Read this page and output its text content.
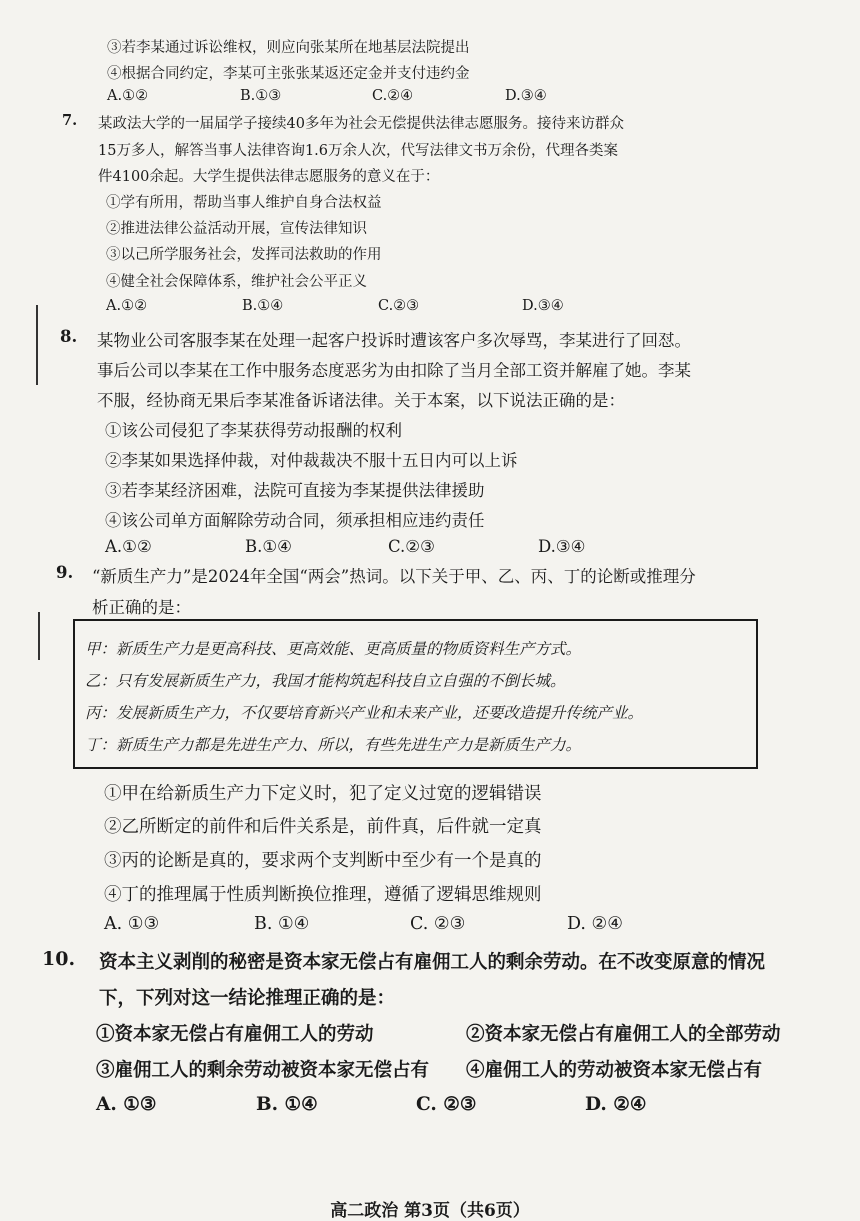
③若李某通过诉讼维权，则应向张某所在地基层法院提出
④根据合同约定，李某可主张张某返还定金并支付违约金
A.①②	B.①③	C.②④	D.③④
7. 某政法大学的一届届学子接续40多年为社会无偿提供法律志愿服务。接待来访群众
15万多人，解答当事人法律咨询1.6万余人次，代写法律文书万余份，代理各类案
件4100余起。大学生提供法律志愿服务的意义在于：
①学有所用，帮助当事人维护自身合法权益
②推进法律公益活动开展，宣传法律知识
③以己所学服务社会，发挥司法救助的作用
④健全社会保障体系，维护社会公平正义
A.①②	B.①④	C.②③	D.③④
8. 某物业公司客服李某在处理一起客户投诉时遭该客户多次辱骂，李某进行了回怼。
事后公司以李某在工作中服务态度恶劣为由扣除了当月全部工资并解雇了她。李某
不服，经协商无果后李某准备诉诸法律。关于本案，以下说法正确的是：
①该公司侵犯了李某获得劳动报酬的权利
②李某如果选择仲裁，对仲裁裁决不服十五日内可以上诉
③若李某经济困难，法院可直接为李某提供法律援助
④该公司单方面解除劳动合同，须承担相应违约责任
A.①②	B.①④	C.②③	D.③④
9. “新质生产力”是2024年全国“两会”热词。以下关于甲、乙、丙、丁的论断或推理分
析正确的是：
甲：新质生产力是更高科技、更高效能、更高质量的物质资料生产方式。
乙：只有发展新质生产力，我国才能构筑起科技自立自强的不倒长城。
丙：发展新质生产力，不仅要培育新兴产业和未来产业，还要改造提升传统产业。
丁：新质生产力都是先进生产力、所以，有些先进生产力是新质生产力。
①甲在给新质生产力下定义时，犯了定义过宽的逻辑错误
②乙所断定的前件和后件关系是，前件真，后件就一定真
③丙的论断是真的，要求两个支判断中至少有一个是真的
④丁的推理属于性质判断换位推理，遵循了逻辑思维规则
A. ①③	B. ①④	C. ②③	D. ②④
10. 资本主义剥削的秘密是资本家无偿占有雇佣工人的剩余劳动。在不改变原意的情况
下，下列对这一结论推理正确的是：
①资本家无偿占有雇佣工人的劳动	②资本家无偿占有雇佣工人的全部劳动
③雇佣工人的剩余劳动被资本家无偿占有 ④雇佣工人的劳动被资本家无偿占有
A. ①③	B. ①④	C. ②③	D. ②④
高二政治 第3页（共6页）
